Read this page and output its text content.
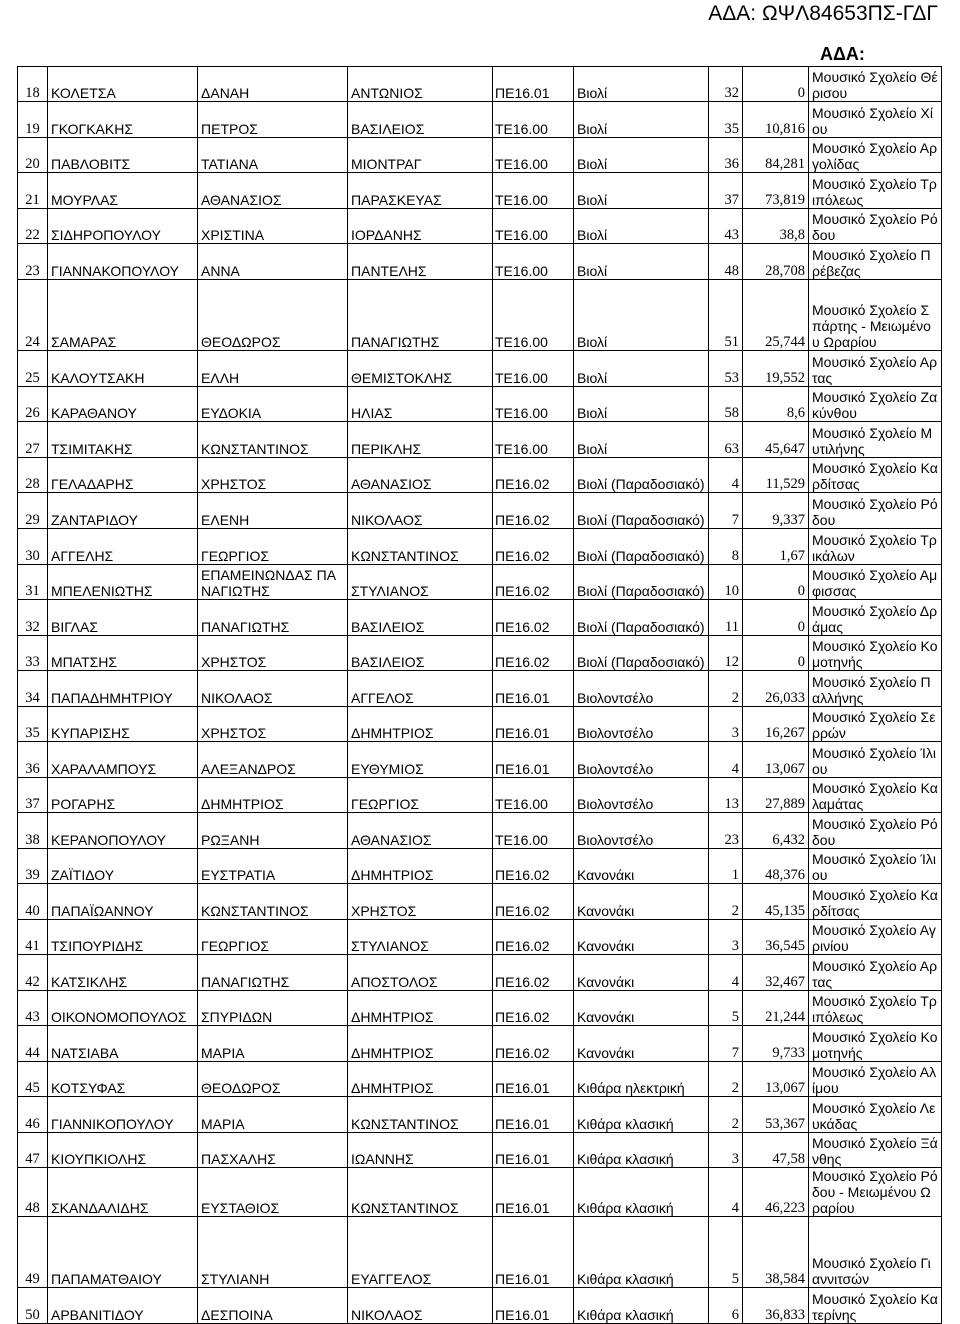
ΑΔΑ: ΩΨΛ84653ΠΣ-ΓΔΓ
ΑΔΑ:
18	ΚΟΛΕΤΣΑ	ΔΑΝΑΗ	ΑΝΤΩΝΙΟΣ	ΠΕ16.01	Βιολί	32	0	Μουσικό Σχολείο Θέρισου
19	ΓΚΟΓΚΑΚΗΣ	ΠΕΤΡΟΣ	ΒΑΣΙΛΕΙΟΣ	ΤΕ16.00	Βιολί	35	10,816	Μουσικό Σχολείο Χίου
20	ΠΑΒΛΟΒΙΤΣ	ΤΑΤΙΑΝΑ	ΜΙΟΝΤΡΑΓ	ΤΕ16.00	Βιολί	36	84,281	Μουσικό Σχολείο Αργολίδας
21	ΜΟΥΡΛΑΣ	ΑΘΑΝΑΣΙΟΣ	ΠΑΡΑΣΚΕΥΑΣ	ΤΕ16.00	Βιολί	37	73,819	Μουσικό Σχολείο Τριπόλεως
22	ΣΙΔΗΡΟΠΟΥΛΟΥ	ΧΡΙΣΤΙΝΑ	ΙΟΡΔΑΝΗΣ	ΤΕ16.00	Βιολί	43	38,8	Μουσικό Σχολείο Ρόδου
23	ΓΙΑΝΝΑΚΟΠΟΥΛΟΥ	ΑΝΝΑ	ΠΑΝΤΕΛΗΣ	ΤΕ16.00	Βιολί	48	28,708	Μουσικό Σχολείο Πρέβεζας
24	ΣΑΜΑΡΑΣ	ΘΕΟΔΩΡΟΣ	ΠΑΝΑΓΙΩΤΗΣ	ΤΕ16.00	Βιολί	51	25,744	Μουσικό Σχολείο Σπάρτης - Μειωμένου Ωραρίου
25	ΚΑΛΟΥΤΣΑΚΗ	ΕΛΛΗ	ΘΕΜΙΣΤΟΚΛΗΣ	ΤΕ16.00	Βιολί	53	19,552	Μουσικό Σχολείο Αρτας
26	ΚΑΡΑΘΑΝΟΥ	ΕΥΔΟΚΙΑ	ΗΛΙΑΣ	ΤΕ16.00	Βιολί	58	8,6	Μουσικό Σχολείο Ζακύνθου
27	ΤΣΙΜΙΤΑΚΗΣ	ΚΩΝΣΤΑΝΤΙΝΟΣ	ΠΕΡΙΚΛΗΣ	ΤΕ16.00	Βιολί	63	45,647	Μουσικό Σχολείο Μυτιλήνης
28	ΓΕΛΑΔΑΡΗΣ	ΧΡΗΣΤΟΣ	ΑΘΑΝΑΣΙΟΣ	ΠΕ16.02	Βιολί (Παραδοσιακό)	4	11,529	Μουσικό Σχολείο Καρδίτσας
29	ΖΑΝΤΑΡΙΔΟΥ	ΕΛΕΝΗ	ΝΙΚΟΛΑΟΣ	ΠΕ16.02	Βιολί (Παραδοσιακό)	7	9,337	Μουσικό Σχολείο Ρόδου
30	ΑΓΓΕΛΗΣ	ΓΕΩΡΓΙΟΣ	ΚΩΝΣΤΑΝΤΙΝΟΣ	ΠΕ16.02	Βιολί (Παραδοσιακό)	8	1,67	Μουσικό Σχολείο Τρικάλων
31	ΜΠΕΛΕΝΙΩΤΗΣ	ΕΠΑΜΕΙΝΩΝΔΑΣ ΠΑΝΑΓΙΩΤΗΣ	ΣΤΥΛΙΑΝΟΣ	ΠΕ16.02	Βιολί (Παραδοσιακό)	10	0	Μουσικό Σχολείο Αμφισσας
32	ΒΙΓΛΑΣ	ΠΑΝΑΓΙΩΤΗΣ	ΒΑΣΙΛΕΙΟΣ	ΠΕ16.02	Βιολί (Παραδοσιακό)	11	0	Μουσικό Σχολείο Δράμας
33	ΜΠΑΤΣΗΣ	ΧΡΗΣΤΟΣ	ΒΑΣΙΛΕΙΟΣ	ΠΕ16.02	Βιολί (Παραδοσιακό)	12	0	Μουσικό Σχολείο Κομοτηνής
34	ΠΑΠΑΔΗΜΗΤΡΙΟΥ	ΝΙΚΟΛΑΟΣ	ΑΓΓΕΛΟΣ	ΠΕ16.01	Βιολοντσέλο	2	26,033	Μουσικό Σχολείο Παλλήνης
35	ΚΥΠΑΡΙΣΗΣ	ΧΡΗΣΤΟΣ	ΔΗΜΗΤΡΙΟΣ	ΠΕ16.01	Βιολοντσέλο	3	16,267	Μουσικό Σχολείο Σερρών
36	ΧΑΡΑΛΑΜΠΟΥΣ	ΑΛΕΞΑΝΔΡΟΣ	ΕΥΘΥΜΙΟΣ	ΠΕ16.01	Βιολοντσέλο	4	13,067	Μουσικό Σχολείο Ίλιου
37	ΡΟΓΑΡΗΣ	ΔΗΜΗΤΡΙΟΣ	ΓΕΩΡΓΙΟΣ	ΤΕ16.00	Βιολοντσέλο	13	27,889	Μουσικό Σχολείο Καλαμάτας
38	ΚΕΡΑΝΟΠΟΥΛΟΥ	ΡΩΞΑΝΗ	ΑΘΑΝΑΣΙΟΣ	ΤΕ16.00	Βιολοντσέλο	23	6,432	Μουσικό Σχολείο Ρόδου
39	ΖΑΪΤΙΔΟΥ	ΕΥΣΤΡΑΤΙΑ	ΔΗΜΗΤΡΙΟΣ	ΠΕ16.02	Κανονάκι	1	48,376	Μουσικό Σχολείο Ίλιου
40	ΠΑΠΑΪΩΑΝΝΟΥ	ΚΩΝΣΤΑΝΤΙΝΟΣ	ΧΡΗΣΤΟΣ	ΠΕ16.02	Κανονάκι	2	45,135	Μουσικό Σχολείο Καρδίτσας
41	ΤΣΙΠΟΥΡΙΔΗΣ	ΓΕΩΡΓΙΟΣ	ΣΤΥΛΙΑΝΟΣ	ΠΕ16.02	Κανονάκι	3	36,545	Μουσικό Σχολείο Αγρινίου
42	ΚΑΤΣΙΚΛΗΣ	ΠΑΝΑΓΙΩΤΗΣ	ΑΠΟΣΤΟΛΟΣ	ΠΕ16.02	Κανονάκι	4	32,467	Μουσικό Σχολείο Αρτας
43	ΟΙΚΟΝΟΜΟΠΟΥΛΟΣ	ΣΠΥΡΙΔΩΝ	ΔΗΜΗΤΡΙΟΣ	ΠΕ16.02	Κανονάκι	5	21,244	Μουσικό Σχολείο Τριπόλεως
44	ΝΑΤΣΙΑΒΑ	ΜΑΡΙΑ	ΔΗΜΗΤΡΙΟΣ	ΠΕ16.02	Κανονάκι	7	9,733	Μουσικό Σχολείο Κομοτηνής
45	ΚΟΤΣΥΦΑΣ	ΘΕΟΔΩΡΟΣ	ΔΗΜΗΤΡΙΟΣ	ΠΕ16.01	Κιθάρα ηλεκτρική	2	13,067	Μουσικό Σχολείο Αλίμου
46	ΓΙΑΝΝΙΚΟΠΟΥΛΟΥ	ΜΑΡΙΑ	ΚΩΝΣΤΑΝΤΙΝΟΣ	ΠΕ16.01	Κιθάρα κλασική	2	53,367	Μουσικό Σχολείο Λευκάδας
47	ΚΙΟΥΠΚΙΟΛΗΣ	ΠΑΣΧΑΛΗΣ	ΙΩΑΝΝΗΣ	ΠΕ16.01	Κιθάρα κλασική	3	47,58	Μουσικό Σχολείο Ξάνθης
48	ΣΚΑΝΔΑΛΙΔΗΣ	ΕΥΣΤΑΘΙΟΣ	ΚΩΝΣΤΑΝΤΙΝΟΣ	ΠΕ16.01	Κιθάρα κλασική	4	46,223	Μουσικό Σχολείο Ρόδου - Μειωμένου Ωραρίου
49	ΠΑΠΑΜΑΤΘΑΙΟΥ	ΣΤΥΛΙΑΝΗ	ΕΥΑΓΓΕΛΟΣ	ΠΕ16.01	Κιθάρα κλασική	5	38,584	Μουσικό Σχολείο Γιαννιτσών
50	ΑΡΒΑΝΙΤΙΔΟΥ	ΔΕΣΠΟΙΝΑ	ΝΙΚΟΛΑΟΣ	ΠΕ16.01	Κιθάρα κλασική	6	36,833	Μουσικό Σχολείο Κατερίνης
